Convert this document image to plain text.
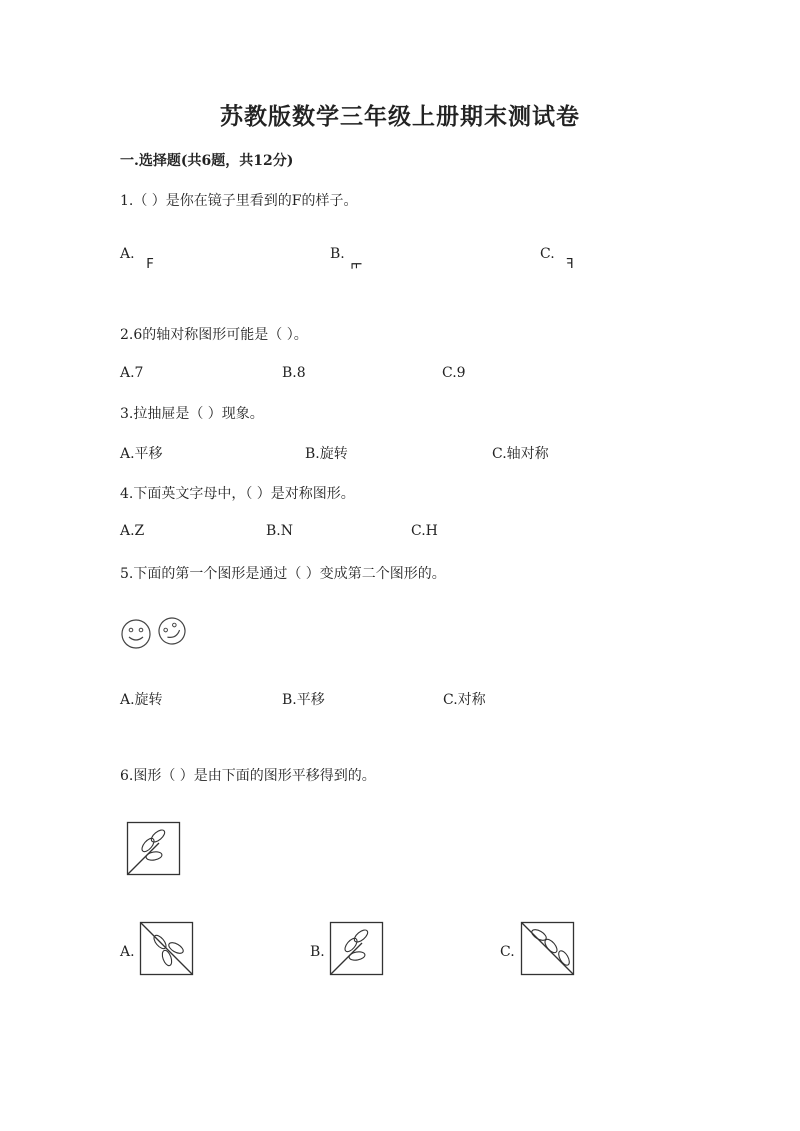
苏教版数学三年级上册期末测试卷
一.选择题(共6题，共12分)
1.（ ）是你在镜子里看到的F的样子。
A.
F
B.
F
C.
F
2.6的轴对称图形可能是（ ）。
A.7	B.8	C.9
3.拉抽屉是（ ）现象。
A.平移	B.旋转	C.轴对称
4.下面英文字母中，（ ）是对称图形。
A.Z	B.N	C.H
5.下面的第一个图形是通过（ ）变成第二个图形的。
A.旋转	B.平移	C.对称
6.图形（ ）是由下面的图形平移得到的。
A.	B.	C.
